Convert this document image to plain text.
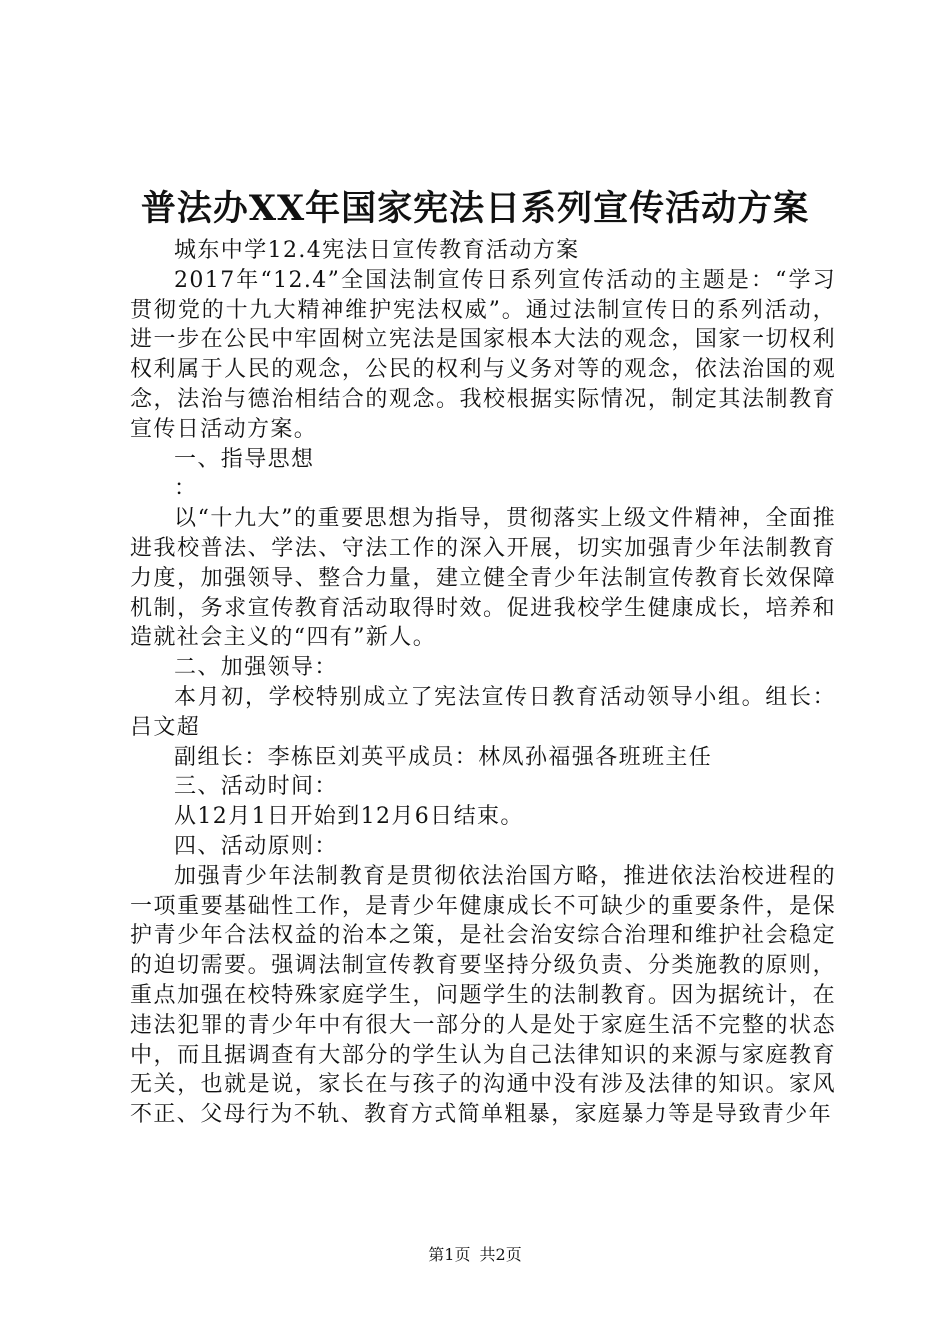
普法办XX年国家宪法日系列宣传活动方案

城东中学12.4宪法日宣传教育活动方案

2017年“12.4”全国法制宣传日系列宣传活动的主题是：“学习贯彻党的十九大精神维护宪法权威”。通过法制宣传日的系列活动，进一步在公民中牢固树立宪法是国家根本大法的观念，国家一切权利权利属于人民的观念，公民的权利与义务对等的观念，依法治国的观念，法治与德治相结合的观念。我校根据实际情况，制定其法制教育宣传日活动方案。

一、指导思想

：

以“十九大”的重要思想为指导，贯彻落实上级文件精神，全面推进我校普法、学法、守法工作的深入开展，切实加强青少年法制教育力度，加强领导、整合力量，建立健全青少年法制宣传教育长效保障机制，务求宣传教育活动取得时效。促进我校学生健康成长，培养和造就社会主义的“四有”新人。

二、加强领导：

本月初，学校特别成立了宪法宣传日教育活动领导小组。组长：吕文超

副组长：李栋臣刘英平成员：林凤孙福强各班班主任

三、活动时间：

从12月1日开始到12月6日结束。

四、活动原则：

加强青少年法制教育是贯彻依法治国方略，推进依法治校进程的一项重要基础性工作，是青少年健康成长不可缺少的重要条件，是保护青少年合法权益的治本之策，是社会治安综合治理和维护社会稳定的迫切需要。强调法制宣传教育要坚持分级负责、分类施教的原则，重点加强在校特殊家庭学生，问题学生的法制教育。因为据统计，在违法犯罪的青少年中有很大一部分的人是处于家庭生活不完整的状态中，而且据调查有大部分的学生认为自己法律知识的来源与家庭教育无关，也就是说，家长在与孩子的沟通中没有涉及法律的知识。家风不正、父母行为不轨、教育方式简单粗暴，家庭暴力等是导致青少年

第1页 共2页
